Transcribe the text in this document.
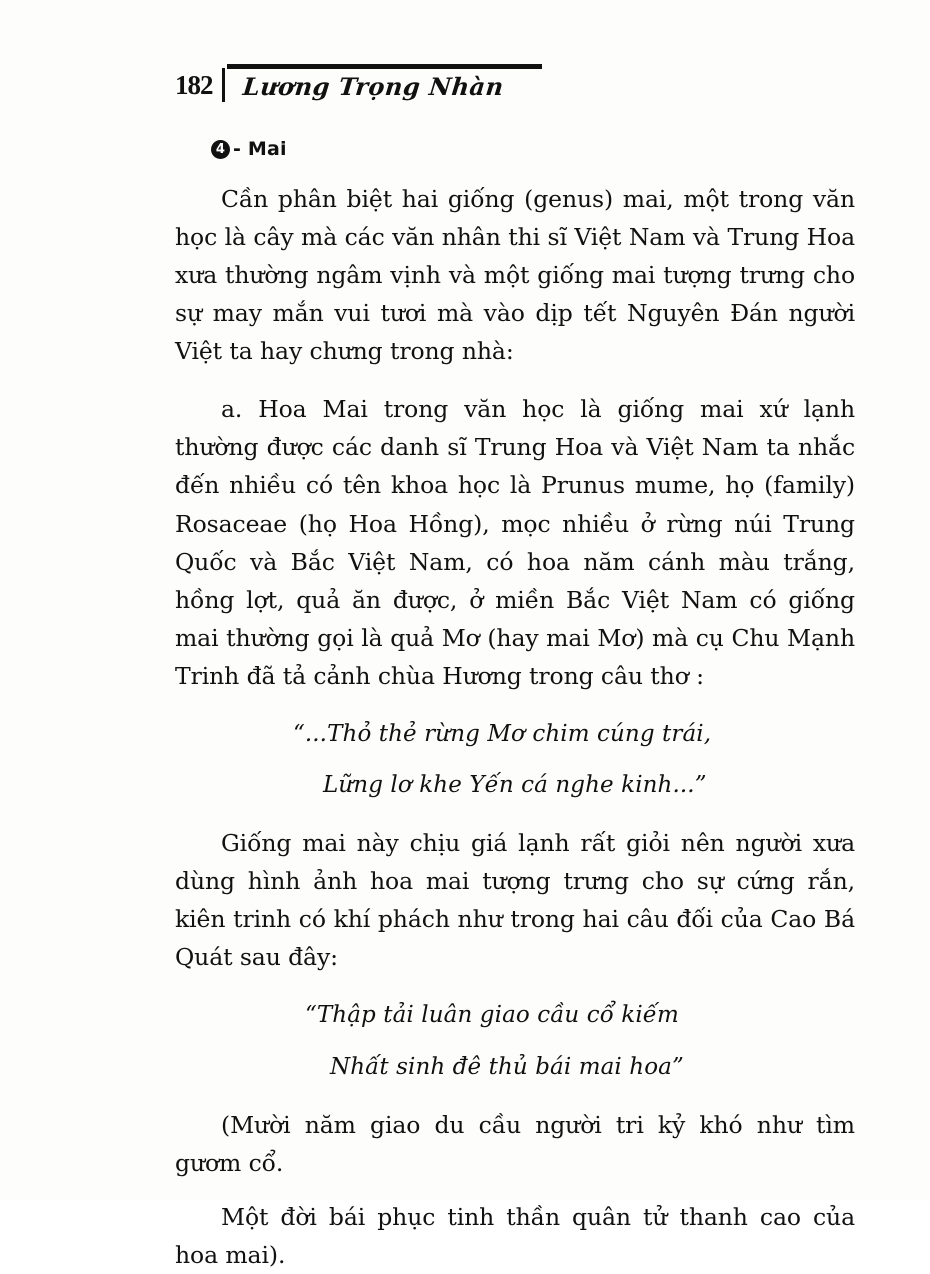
182 Lương Trọng Nhàn
4 - Mai

Cần phân biệt hai giống (genus) mai, một trong văn học là cây mà các văn nhân thi sĩ Việt Nam và Trung Hoa xưa thường ngâm vịnh và một giống mai tượng trưng cho sự may mắn vui tươi mà vào dịp tết Nguyên Đán người Việt ta hay chưng trong nhà:

a. Hoa Mai trong văn học là giống mai xứ lạnh thường được các danh sĩ Trung Hoa và Việt Nam ta nhắc đến nhiều có tên khoa học là Prunus mume, họ (family) Rosaceae (họ Hoa Hồng), mọc nhiều ở rừng núi Trung Quốc và Bắc Việt Nam, có hoa năm cánh màu trắng, hồng lợt, quả ăn được, ở miền Bắc Việt Nam có giống mai thường gọi là quả Mơ (hay mai Mơ) mà cụ Chu Mạnh Trinh đã tả cảnh chùa Hương trong câu thơ :

“...Thỏ thẻ rừng Mơ chim cúng trái,
Lững lơ khe Yến cá nghe kinh...”

Giống mai này chịu giá lạnh rất giỏi nên người xưa dùng hình ảnh hoa mai tượng trưng cho sự cứng rắn, kiên trinh có khí phách như trong hai câu đối của Cao Bá Quát sau đây:

“Thập tải luân giao cầu cổ kiếm
Nhất sinh đê thủ bái mai hoa”

(Mười năm giao du cầu người tri kỷ khó như tìm gươm cổ.

Một đời bái phục tinh thần quân tử thanh cao của hoa mai).
